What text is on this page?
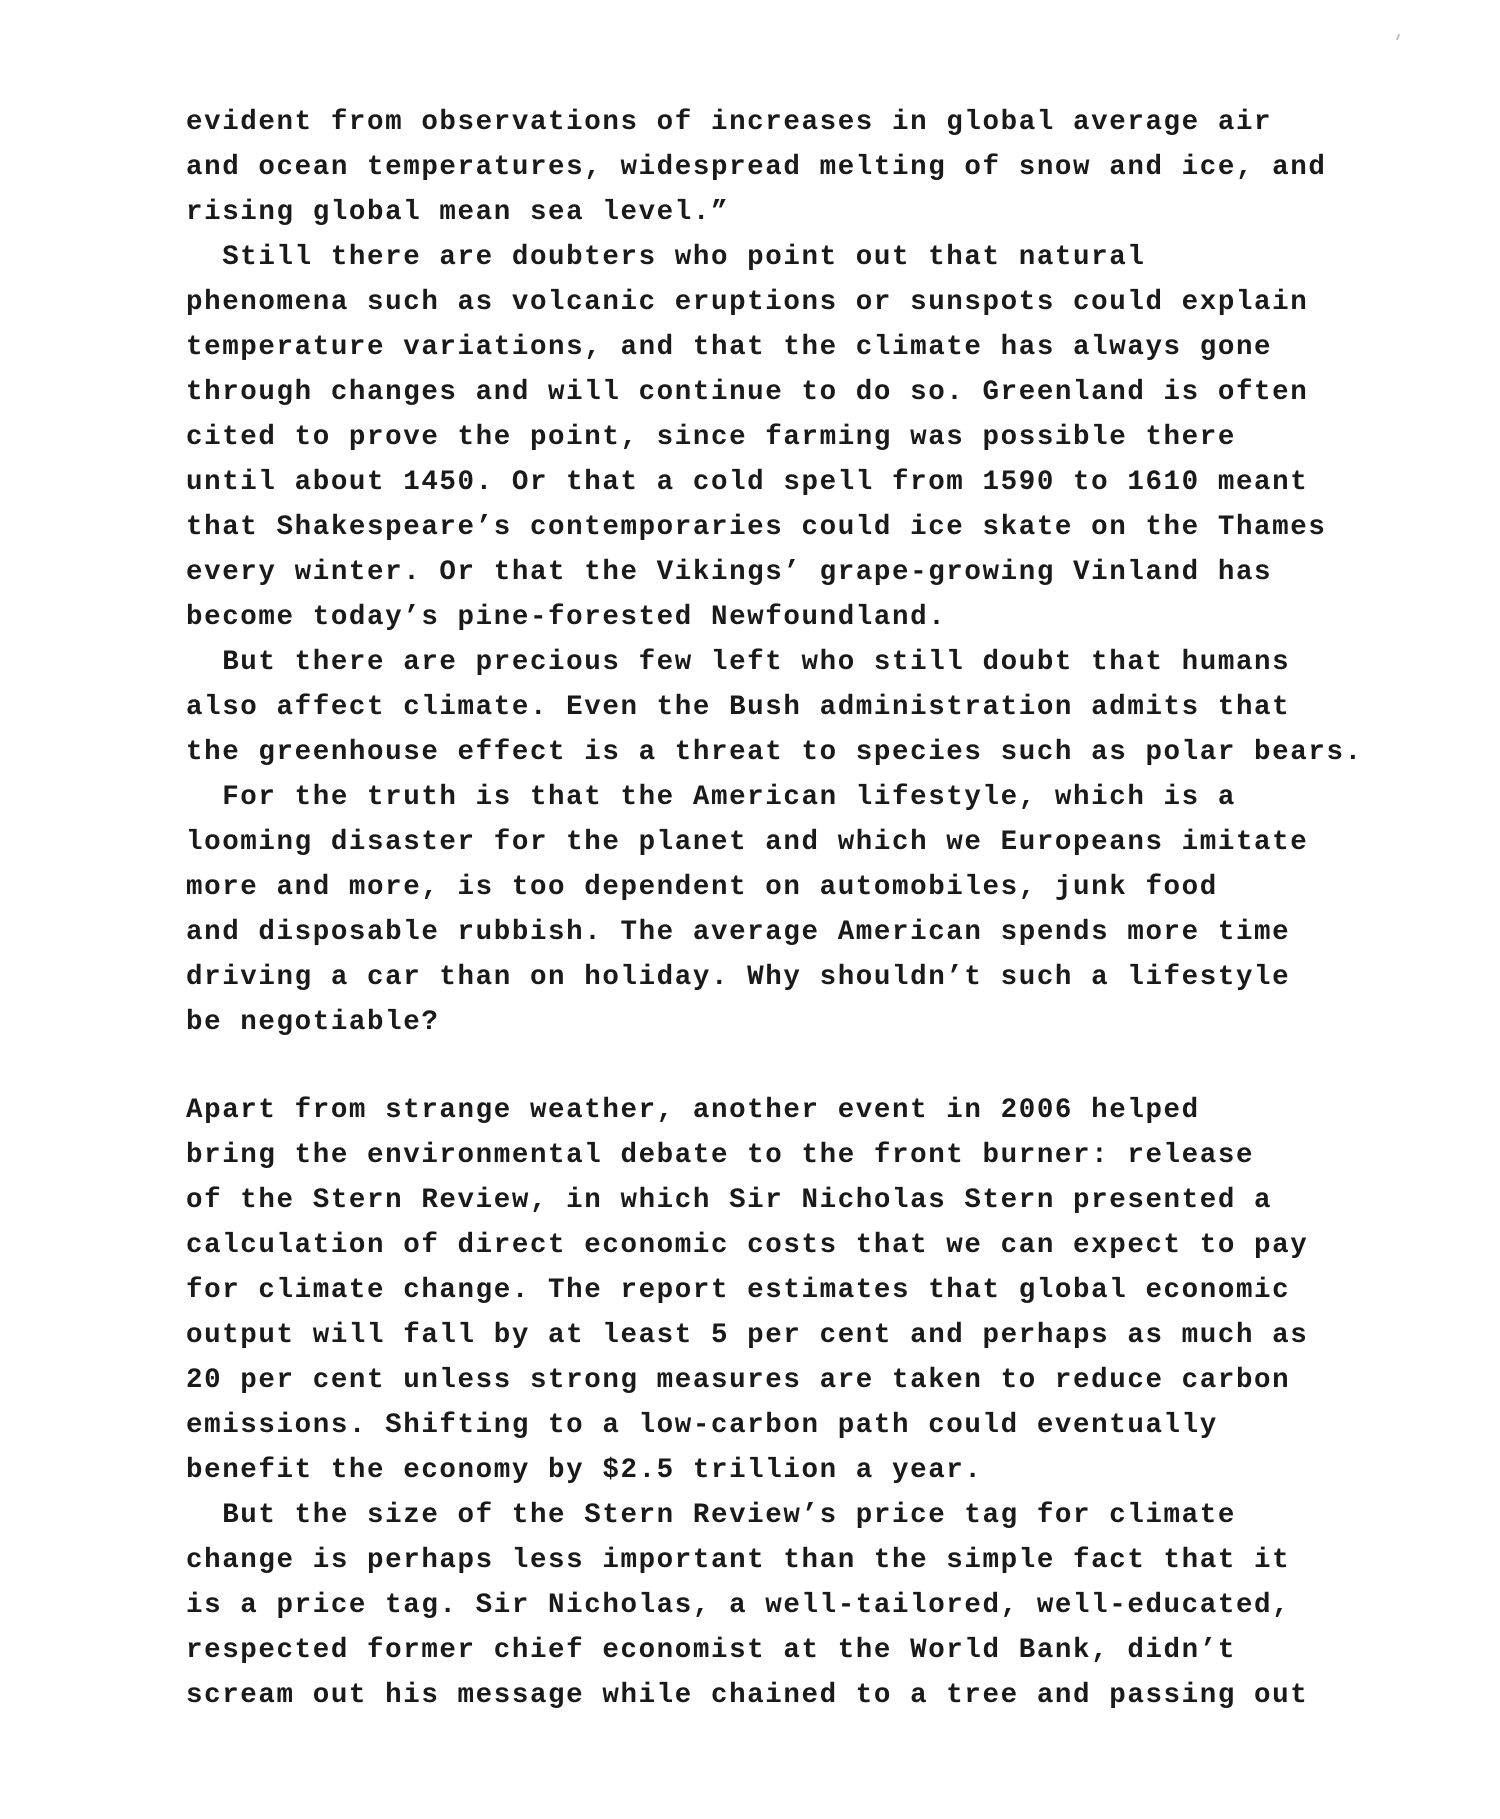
evident from observations of increases in global average air
and ocean temperatures, widespread melting of snow and ice, and
rising global mean sea level.”
Still there are doubters who point out that natural
phenomena such as volcanic eruptions or sunspots could explain
temperature variations, and that the climate has always gone
through changes and will continue to do so. Greenland is often
cited to prove the point, since farming was possible there
until about 1450. Or that a cold spell from 1590 to 1610 meant
that Shakespeare’s contemporaries could ice skate on the Thames
every winter. Or that the Vikings’ grape-growing Vinland has
become today’s pine-forested Newfoundland.
But there are precious few left who still doubt that humans
also affect climate. Even the Bush administration admits that
the greenhouse effect is a threat to species such as polar bears.
For the truth is that the American lifestyle, which is a
looming disaster for the planet and which we Europeans imitate
more and more, is too dependent on automobiles, junk food
and disposable rubbish. The average American spends more time
driving a car than on holiday. Why shouldn’t such a lifestyle
be negotiable?
Apart from strange weather, another event in 2006 helped
bring the environmental debate to the front burner: release
of the Stern Review, in which Sir Nicholas Stern presented a
calculation of direct economic costs that we can expect to pay
for climate change. The report estimates that global economic
output will fall by at least 5 per cent and perhaps as much as
20 per cent unless strong measures are taken to reduce carbon
emissions. Shifting to a low-carbon path could eventually
benefit the economy by $2.5 trillion a year.
But the size of the Stern Review’s price tag for climate
change is perhaps less important than the simple fact that it
is a price tag. Sir Nicholas, a well-tailored, well-educated,
respected former chief economist at the World Bank, didn’t
scream out his message while chained to a tree and passing out
